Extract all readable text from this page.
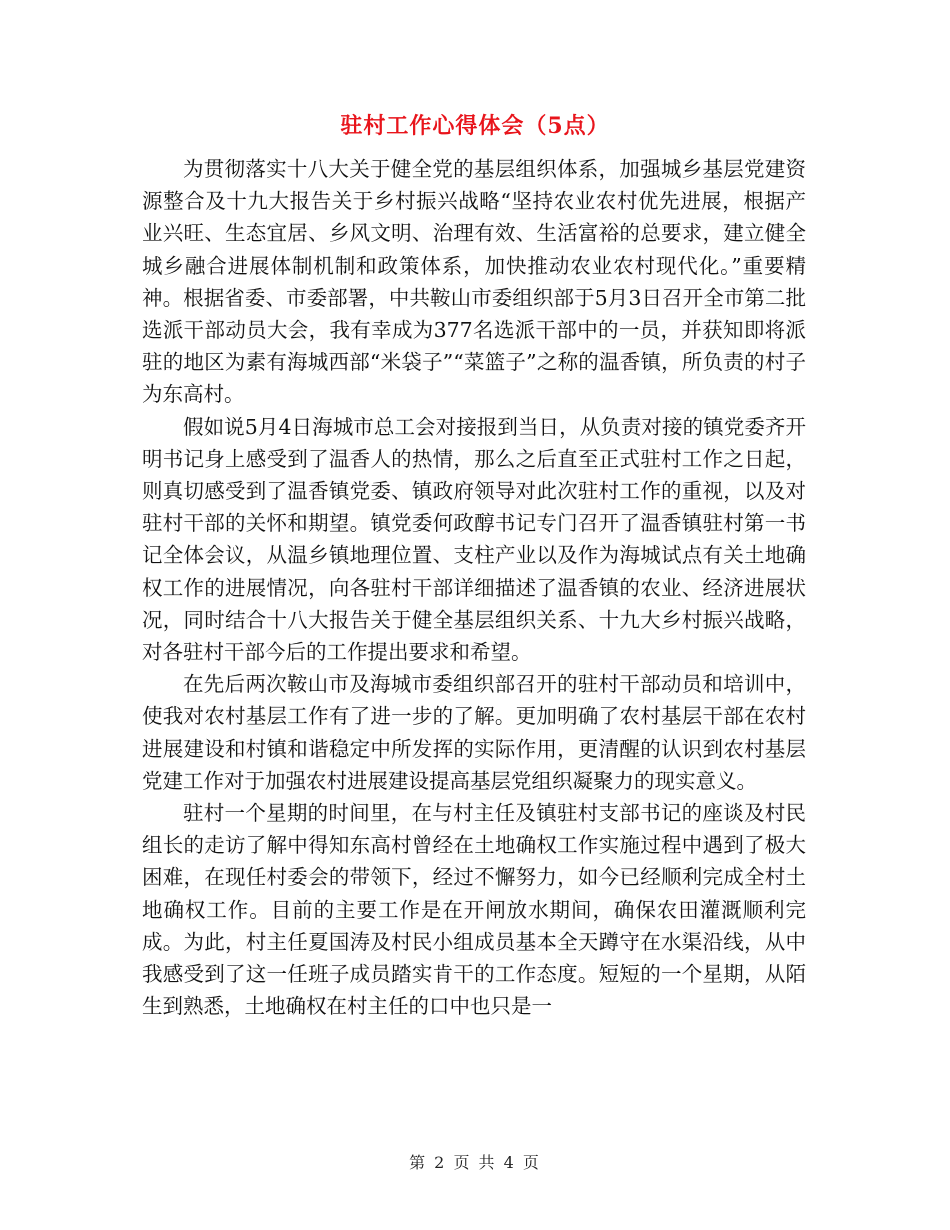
驻村工作心得体会（5点）

为贯彻落实十八大关于健全党的基层组织体系，加强城乡基层党建资源整合及十九大报告关于乡村振兴战略“坚持农业农村优先进展，根据产业兴旺、生态宜居、乡风文明、治理有效、生活富裕的总要求，建立健全城乡融合进展体制机制和政策体系，加快推动农业农村现代化。”重要精神。根据省委、市委部署，中共鞍山市委组织部于5月3日召开全市第二批选派干部动员大会，我有幸成为377名选派干部中的一员，并获知即将派驻的地区为素有海城西部“米袋子”“菜篮子”之称的温香镇，所负责的村子为东高村。

假如说5月4日海城市总工会对接报到当日，从负责对接的镇党委齐开明书记身上感受到了温香人的热情，那么之后直至正式驻村工作之日起，则真切感受到了温香镇党委、镇政府领导对此次驻村工作的重视，以及对驻村干部的关怀和期望。镇党委何政醇书记专门召开了温香镇驻村第一书记全体会议，从温乡镇地理位置、支柱产业以及作为海城试点有关土地确权工作的进展情况，向各驻村干部详细描述了温香镇的农业、经济进展状况，同时结合十八大报告关于健全基层组织关系、十九大乡村振兴战略，对各驻村干部今后的工作提出要求和希望。

在先后两次鞍山市及海城市委组织部召开的驻村干部动员和培训中，使我对农村基层工作有了进一步的了解。更加明确了农村基层干部在农村进展建设和村镇和谐稳定中所发挥的实际作用，更清醒的认识到农村基层党建工作对于加强农村进展建设提高基层党组织凝聚力的现实意义。

驻村一个星期的时间里，在与村主任及镇驻村支部书记的座谈及村民组长的走访了解中得知东高村曾经在土地确权工作实施过程中遇到了极大困难，在现任村委会的带领下，经过不懈努力，如今已经顺利完成全村土地确权工作。目前的主要工作是在开闸放水期间，确保农田灌溉顺利完成。为此，村主任夏国涛及村民小组成员基本全天蹲守在水渠沿线，从中我感受到了这一任班子成员踏实肯干的工作态度。短短的一个星期，从陌生到熟悉，土地确权在村主任的口中也只是一

第 2 页 共 4 页
